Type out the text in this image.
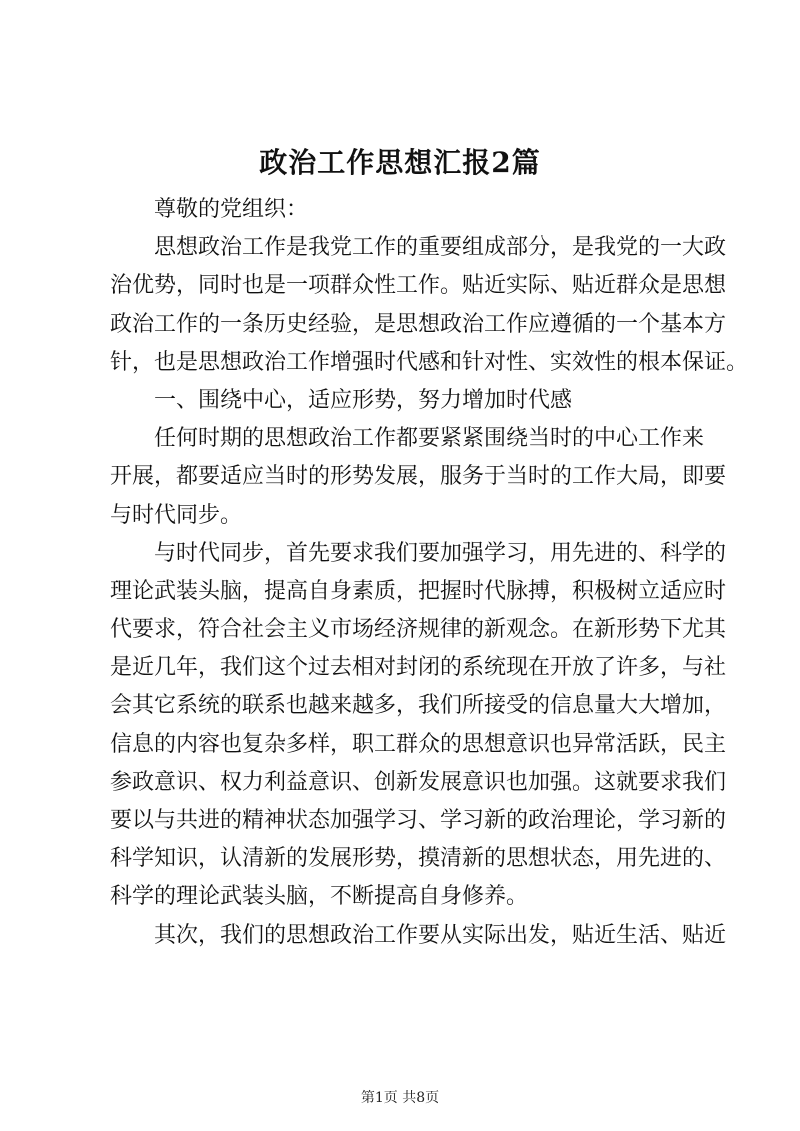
政治工作思想汇报2篇
尊敬的党组织：
思想政治工作是我党工作的重要组成部分，是我党的一大政
治优势，同时也是一项群众性工作。贴近实际、贴近群众是思想
政治工作的一条历史经验，是思想政治工作应遵循的一个基本方
针，也是思想政治工作增强时代感和针对性、实效性的根本保证。
一、围绕中心，适应形势，努力增加时代感
任何时期的思想政治工作都要紧紧围绕当时的中心工作来
开展，都要适应当时的形势发展，服务于当时的工作大局，即要
与时代同步。
与时代同步，首先要求我们要加强学习，用先进的、科学的
理论武装头脑，提高自身素质，把握时代脉搏，积极树立适应时
代要求，符合社会主义市场经济规律的新观念。在新形势下尤其
是近几年，我们这个过去相对封闭的系统现在开放了许多，与社
会其它系统的联系也越来越多，我们所接受的信息量大大增加，
信息的内容也复杂多样，职工群众的思想意识也异常活跃，民主
参政意识、权力利益意识、创新发展意识也加强。这就要求我们
要以与共进的精神状态加强学习、学习新的政治理论，学习新的
科学知识，认清新的发展形势，摸清新的思想状态，用先进的、
科学的理论武装头脑，不断提高自身修养。
其次，我们的思想政治工作要从实际出发，贴近生活、贴近
第1页 共8页
